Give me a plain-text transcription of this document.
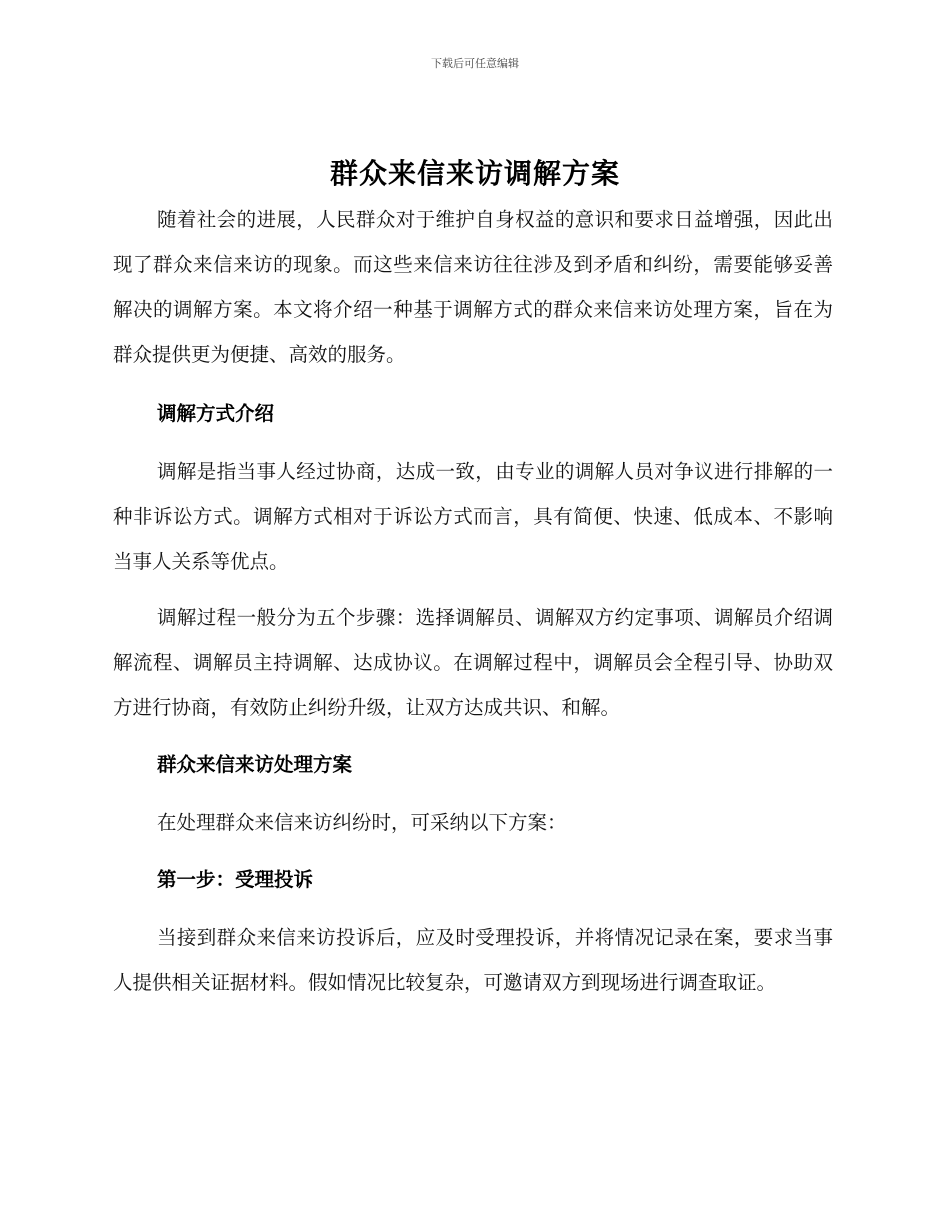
下载后可任意编辑
群众来信来访调解方案

随着社会的进展，人民群众对于维护自身权益的意识和要求日益增强，因此出现了群众来信来访的现象。而这些来信来访往往涉及到矛盾和纠纷，需要能够妥善解决的调解方案。本文将介绍一种基于调解方式的群众来信来访处理方案，旨在为群众提供更为便捷、高效的服务。

调解方式介绍

调解是指当事人经过协商，达成一致，由专业的调解人员对争议进行排解的一种非诉讼方式。调解方式相对于诉讼方式而言，具有简便、快速、低成本、不影响当事人关系等优点。

调解过程一般分为五个步骤：选择调解员、调解双方约定事项、调解员介绍调解流程、调解员主持调解、达成协议。在调解过程中，调解员会全程引导、协助双方进行协商，有效防止纠纷升级，让双方达成共识、和解。

群众来信来访处理方案

在处理群众来信来访纠纷时，可采纳以下方案：

第一步：受理投诉

当接到群众来信来访投诉后，应及时受理投诉，并将情况记录在案，要求当事人提供相关证据材料。假如情况比较复杂，可邀请双方到现场进行调查取证。
